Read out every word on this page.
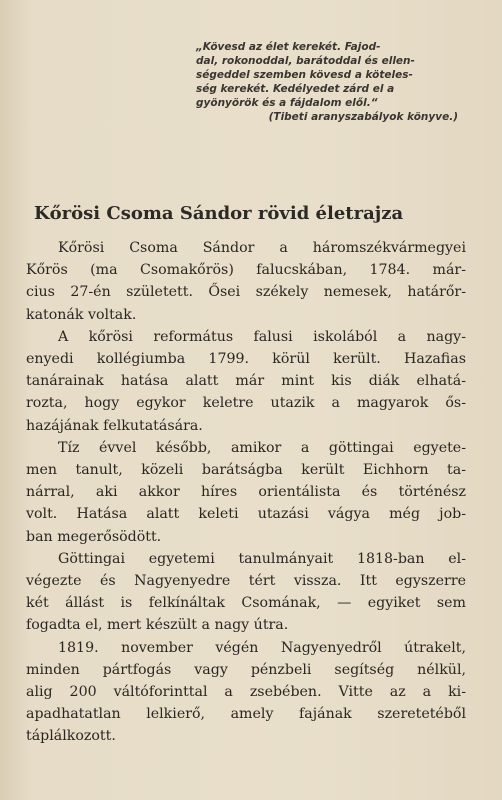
„Kövesd az élet kerekét. Fajod-
dal, rokonoddal, barátoddal és ellen-
ségeddel szemben kövesd a köteles-
ség kerekét. Kedélyedet zárd el a
gyönyörök és a fájdalom elől.“
(Tibeti aranyszabályok könyve.)
Kőrösi Csoma Sándor rövid életrajza
Kőrösi Csoma Sándor a háromszékvármegyei
Kőrös (ma Csomakőrös) falucskában, 1784. már-
cius 27-én született. Ősei székely nemesek, határőr-
katonák voltak.
A kőrösi református falusi iskolából a nagy-
enyedi kollégiumba 1799. körül került. Hazafias
tanárainak hatása alatt már mint kis diák elhatá-
rozta, hogy egykor keletre utazik a magyarok ős-
hazájának felkutatására.
Tíz évvel később, amikor a göttingai egyete-
men tanult, közeli barátságba került Eichhorn ta-
nárral, aki akkor híres orientálista és történész
volt. Hatása alatt keleti utazási vágya még job-
ban megerősödött.
Göttingai egyetemi tanulmányait 1818-ban el-
végezte és Nagyenyedre tért vissza. Itt egyszerre
két állást is felkínáltak Csomának, — egyiket sem
fogadta el, mert készült a nagy útra.
1819. november végén Nagyenyedről útrakelt,
minden pártfogás vagy pénzbeli segítség nélkül,
alig 200 váltóforinttal a zsebében. Vitte az a ki-
apadhatatlan lelkierő, amely fajának szeretetéből
táplálkozott.
